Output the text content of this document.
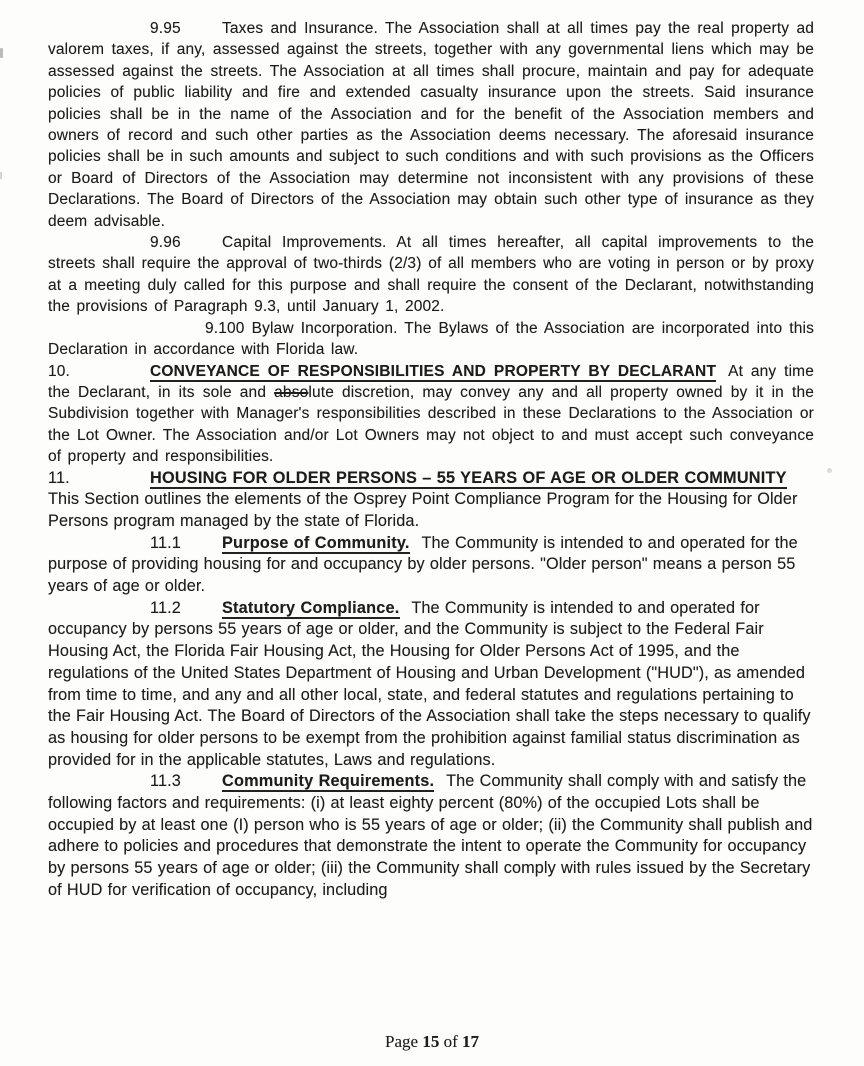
9.95	Taxes and Insurance. The Association shall at all times pay the real property ad valorem taxes, if any, assessed against the streets, together with any governmental liens which may be assessed against the streets. The Association at all times shall procure, maintain and pay for adequate policies of public liability and fire and extended casualty insurance upon the streets. Said insurance policies shall be in the name of the Association and for the benefit of the Association members and owners of record and such other parties as the Association deems necessary. The aforesaid insurance policies shall be in such amounts and subject to such conditions and with such provisions as the Officers or Board of Directors of the Association may determine not inconsistent with any provisions of these Declarations. The Board of Directors of the Association may obtain such other type of insurance as they deem advisable.

9.96	Capital Improvements. At all times hereafter, all capital improvements to the streets shall require the approval of two-thirds (2/3) of all members who are voting in person or by proxy at a meeting duly called for this purpose and shall require the consent of the Declarant, notwithstanding the provisions of Paragraph 9.3, until January 1, 2002.

9.100 Bylaw Incorporation. The Bylaws of the Association are incorporated into this Declaration in accordance with Florida law.

10.	CONVEYANCE OF RESPONSIBILITIES AND PROPERTY BY DECLARANT At any time the Declarant, in its sole and absolute discretion, may convey any and all property owned by it in the Subdivision together with Manager's responsibilities described in these Declarations to the Association or the Lot Owner. The Association and/or Lot Owners may not object to and must accept such conveyance of property and responsibilities.

11.	HOUSING FOR OLDER PERSONS – 55 YEARS OF AGE OR OLDER COMMUNITY

This Section outlines the elements of the Osprey Point Compliance Program for the Housing for Older Persons program managed by the state of Florida.

11.1	Purpose of Community. The Community is intended to and operated for the purpose of providing housing for and occupancy by older persons. "Older person" means a person 55 years of age or older.

11.2	Statutory Compliance. The Community is intended to and operated for occupancy by persons 55 years of age or older, and the Community is subject to the Federal Fair Housing Act, the Florida Fair Housing Act, the Housing for Older Persons Act of 1995, and the regulations of the United States Department of Housing and Urban Development ("HUD"), as amended from time to time, and any and all other local, state, and federal statutes and regulations pertaining to the Fair Housing Act. The Board of Directors of the Association shall take the steps necessary to qualify as housing for older persons to be exempt from the prohibition against familial status discrimination as provided for in the applicable statutes, Laws and regulations.

11.3	Community Requirements. The Community shall comply with and satisfy the following factors and requirements: (i) at least eighty percent (80%) of the occupied Lots shall be occupied by at least one (I) person who is 55 years of age or older; (ii) the Community shall publish and adhere to policies and procedures that demonstrate the intent to operate the Community for occupancy by persons 55 years of age or older; (iii) the Community shall comply with rules issued by the Secretary of HUD for verification of occupancy, including

Page 15 of 17
